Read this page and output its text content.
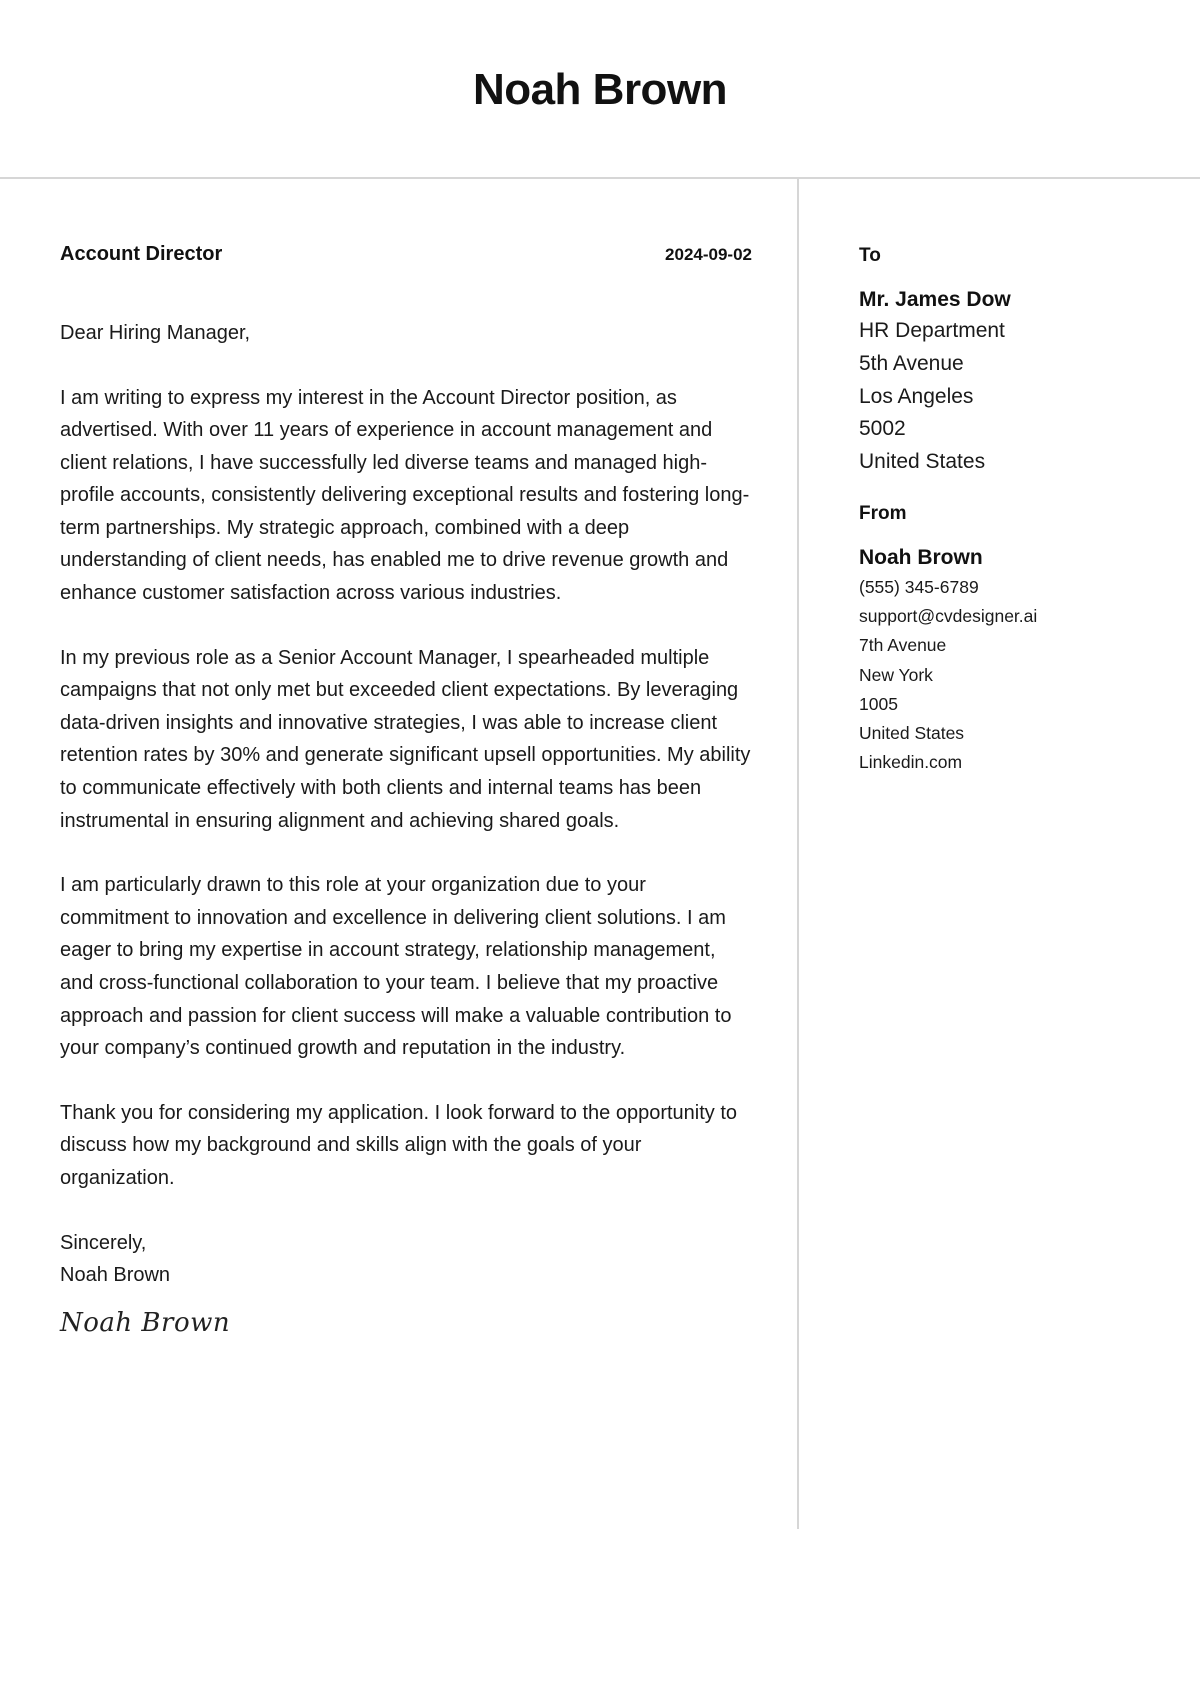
Noah Brown
Account Director	2024-09-02
Dear Hiring Manager,
I am writing to express my interest in the Account Director position, as advertised. With over 11 years of experience in account management and client relations, I have successfully led diverse teams and managed high-profile accounts, consistently delivering exceptional results and fostering long-term partnerships. My strategic approach, combined with a deep understanding of client needs, has enabled me to drive revenue growth and enhance customer satisfaction across various industries.
In my previous role as a Senior Account Manager, I spearheaded multiple campaigns that not only met but exceeded client expectations. By leveraging data-driven insights and innovative strategies, I was able to increase client retention rates by 30% and generate significant upsell opportunities. My ability to communicate effectively with both clients and internal teams has been instrumental in ensuring alignment and achieving shared goals.
I am particularly drawn to this role at your organization due to your commitment to innovation and excellence in delivering client solutions. I am eager to bring my expertise in account strategy, relationship management, and cross-functional collaboration to your team. I believe that my proactive approach and passion for client success will make a valuable contribution to your company’s continued growth and reputation in the industry.
Thank you for considering my application. I look forward to the opportunity to discuss how my background and skills align with the goals of your organization.
Sincerely,
Noah Brown
Noah Brown
To
Mr. James Dow
HR Department
5th Avenue
Los Angeles
5002
United States
From
Noah Brown
(555) 345-6789
support@cvdesigner.ai
7th Avenue
New York
1005
United States
Linkedin.com
